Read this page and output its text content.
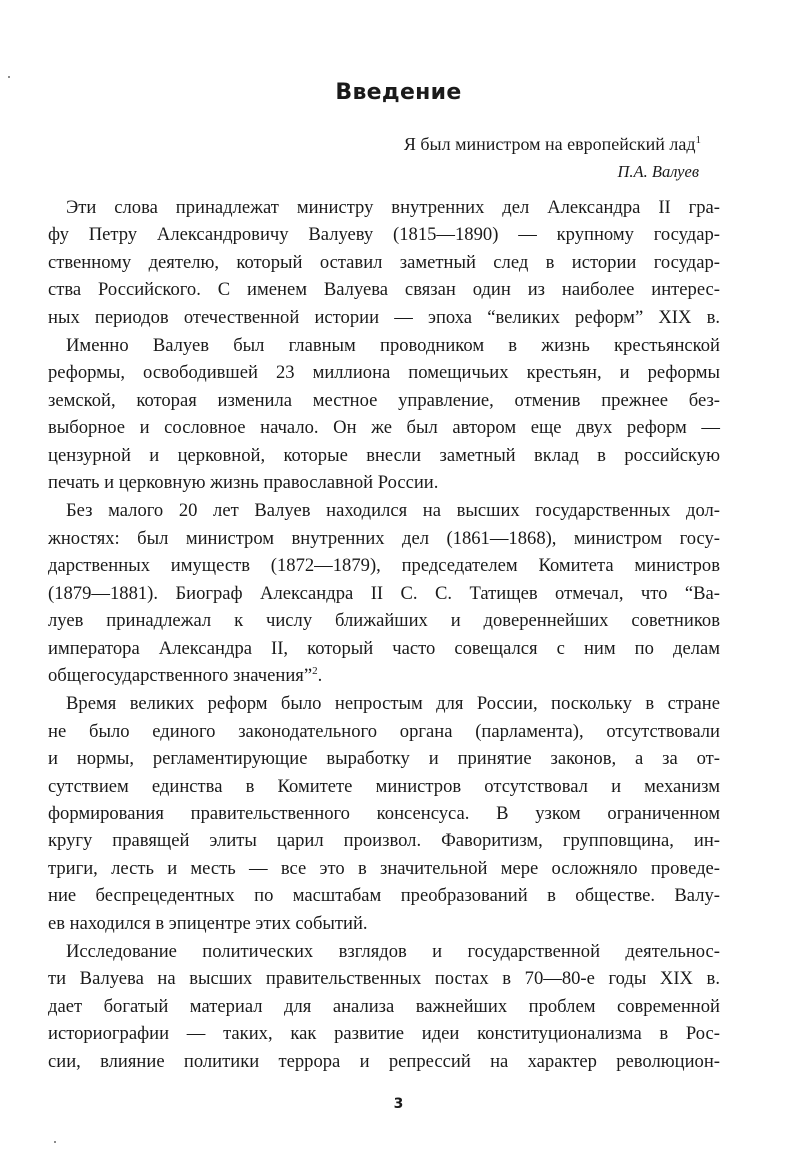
Введение
Я был министром на европейский лад$^1$
П.А. Валуев

Эти слова принадлежат министру внутренних дел Александра II гра-
фу Петру Александровичу Валуеву (1815—1890) — крупному государ-
ственному деятелю, который оставил заметный след в истории государ-
ства Российского. С именем Валуева связан один из наиболее интерес-
ных периодов отечественной истории — эпоха “великих реформ” XIX в.

Именно Валуев был главным проводником в жизнь крестьянской
реформы, освободившей 23 миллиона помещичьих крестьян, и реформы
земской, которая изменила местное управление, отменив прежнее без-
выборное и сословное начало. Он же был автором еще двух реформ —
цензурной и церковной, которые внесли заметный вклад в российскую
печать и церковную жизнь православной России.

Без малого 20 лет Валуев находился на высших государственных дол-
жностях: был министром внутренних дел (1861—1868), министром госу-
дарственных имуществ (1872—1879), председателем Комитета министров
(1879—1881). Биограф Александра II С. С. Татищев отмечал, что “Ва-
луев принадлежал к числу ближайших и довереннейших советников
императора Александра II, который часто совещался с ним по делам
общегосударственного значения”$^2$.

Время великих реформ было непростым для России, поскольку в стране
не было единого законодательного органа (парламента), отсутствовали
и нормы, регламентирующие выработку и принятие законов, а за от-
сутствием единства в Комитете министров отсутствовал и механизм
формирования правительственного консенсуса. В узком ограниченном
кругу правящей элиты царил произвол. Фаворитизм, групповщина, ин-
триги, лесть и месть — все это в значительной мере осложняло проведе-
ние беспрецедентных по масштабам преобразований в обществе. Валу-
ев находился в эпицентре этих событий.

Исследование политических взглядов и государственной деятельнос-
ти Валуева на высших правительственных постах в 70—80-е годы XIX в.
дает богатый материал для анализа важнейших проблем современной
историографии — таких, как развитие идеи конституционализма в Рос-
сии, влияние политики террора и репрессий на характер революцион-

3
